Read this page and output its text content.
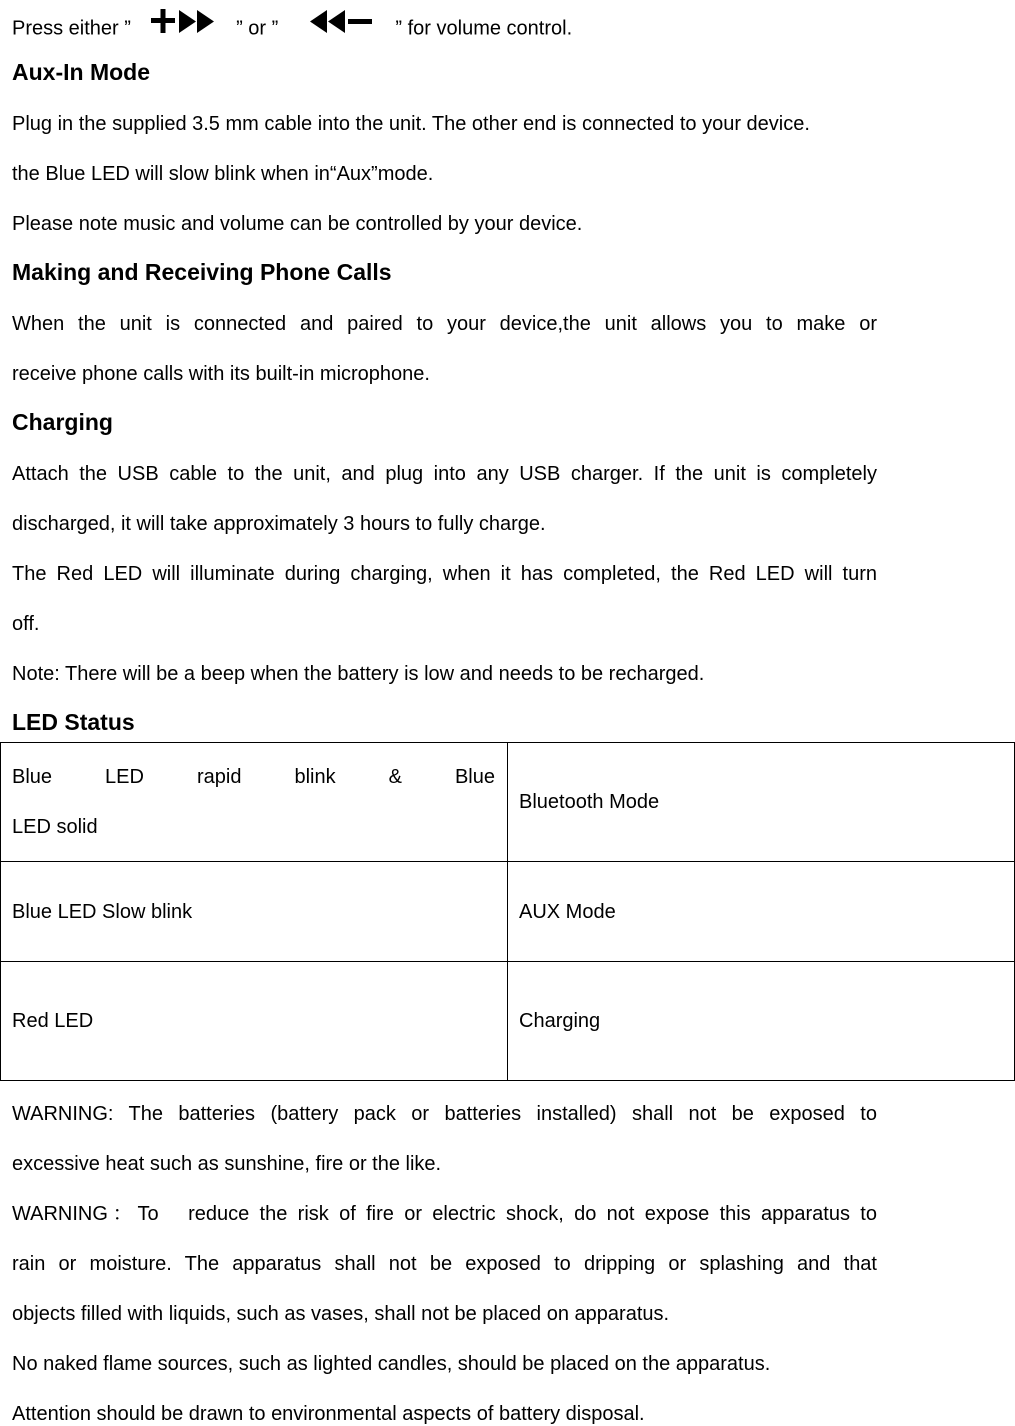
Press either ”	” or ”	” for volume control.
Aux-In Mode
Plug in the supplied 3.5 mm cable into the unit. The other end is connected to your device.
the Blue LED will slow blink when in“Aux”mode.
Please note music and volume can be controlled by your device.
Making and Receiving Phone Calls
When the unit is connected and paired to your device,the unit allows you to make or
receive phone calls with its built-in microphone.
Charging
Attach the USB cable to the unit, and plug into any USB charger. If the unit is completely
discharged, it will take approximately 3 hours to fully charge.
The Red LED will illuminate during charging, when it has completed, the Red LED will turn
off.
Note: There will be a beep when the battery is low and needs to be recharged.
LED Status
Blue LED rapid blink & Blue
LED solid	Bluetooth Mode
Blue LED Slow blink	AUX Mode
Red LED	Charging
WARNING: The batteries (battery pack or batteries installed) shall not be exposed to
excessive heat such as sunshine, fire or the like.
WARNING：To　reduce the risk of fire or electric shock, do not expose this apparatus to
rain or moisture. The apparatus shall not be exposed to dripping or splashing and that
objects filled with liquids, such as vases, shall not be placed on apparatus.
No naked flame sources, such as lighted candles, should be placed on the apparatus.
Attention should be drawn to environmental aspects of battery disposal.
